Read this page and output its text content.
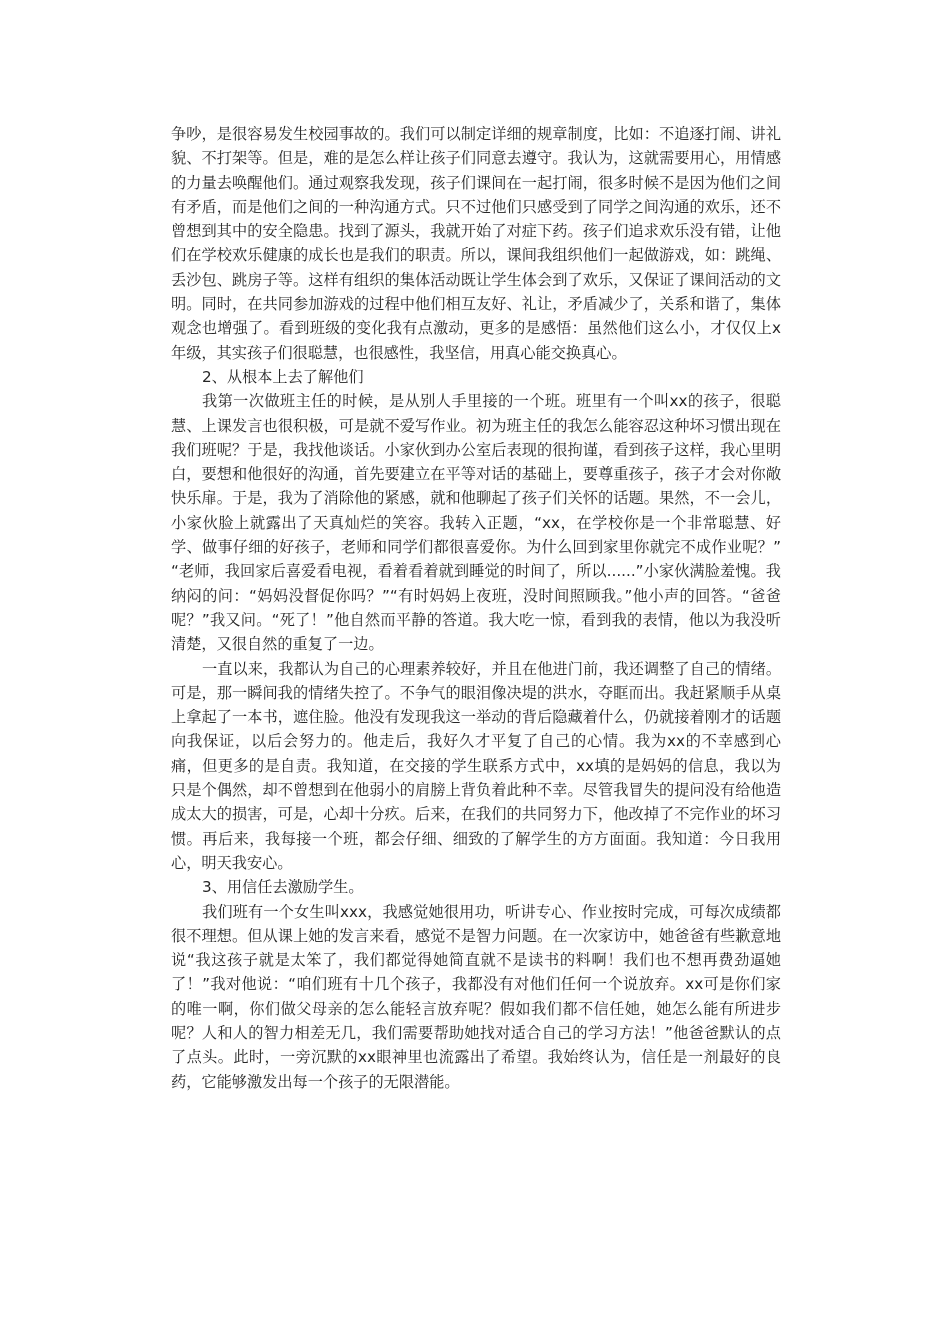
争吵，是很容易发生校园事故的。我们可以制定详细的规章制度，比如：不追逐打闹、讲礼貌、不打架等。但是，难的是怎么样让孩子们同意去遵守。我认为，这就需要用心，用情感的力量去唤醒他们。通过观察我发现，孩子们课间在一起打闹，很多时候不是因为他们之间有矛盾，而是他们之间的一种沟通方式。只不过他们只感受到了同学之间沟通的欢乐，还不曾想到其中的安全隐患。找到了源头，我就开始了对症下药。孩子们追求欢乐没有错，让他们在学校欢乐健康的成长也是我们的职责。所以，课间我组织他们一起做游戏，如：跳绳、丢沙包、跳房子等。这样有组织的集体活动既让学生体会到了欢乐，又保证了课间活动的文明。同时，在共同参加游戏的过程中他们相互友好、礼让，矛盾减少了，关系和谐了，集体观念也增强了。看到班级的变化我有点激动，更多的是感悟：虽然他们这么小，才仅仅上x年级，其实孩子们很聪慧，也很感性，我坚信，用真心能交换真心。

2、从根本上去了解他们

我第一次做班主任的时候，是从别人手里接的一个班。班里有一个叫xx的孩子，很聪慧、上课发言也很积极，可是就不爱写作业。初为班主任的我怎么能容忍这种坏习惯出现在我们班呢？于是，我找他谈话。小家伙到办公室后表现的很拘谨，看到孩子这样，我心里明白，要想和他很好的沟通，首先要建立在平等对话的基础上，要尊重孩子，孩子才会对你敞快乐扉。于是，我为了消除他的紧感，就和他聊起了孩子们关怀的话题。果然，不一会儿，小家伙脸上就露出了天真灿烂的笑容。我转入正题，“xx，在学校你是一个非常聪慧、好学、做事仔细的好孩子，老师和同学们都很喜爱你。为什么回到家里你就完不成作业呢？” “老师，我回家后喜爱看电视，看着看着就到睡觉的时间了，所以......”小家伙满脸羞愧。我纳闷的问：“妈妈没督促你吗？”“有时妈妈上夜班，没时间照顾我。”他小声的回答。“爸爸呢？”我又问。“死了！”他自然而平静的答道。我大吃一惊，看到我的表情，他以为我没听清楚，又很自然的重复了一边。

一直以来，我都认为自己的心理素养较好，并且在他进门前，我还调整了自己的情绪。可是，那一瞬间我的情绪失控了。不争气的眼泪像决堤的洪水，夺眶而出。我赶紧顺手从桌上拿起了一本书，遮住脸。他没有发现我这一举动的背后隐藏着什么，仍就接着刚才的话题向我保证，以后会努力的。他走后，我好久才平复了自己的心情。我为xx的不幸感到心痛，但更多的是自责。我知道，在交接的学生联系方式中，xx填的是妈妈的信息，我以为只是个偶然，却不曾想到在他弱小的肩膀上背负着此种不幸。尽管我冒失的提问没有给他造成太大的损害，可是，心却十分疚。后来，在我们的共同努力下，他改掉了不完作业的坏习惯。再后来，我每接一个班，都会仔细、细致的了解学生的方方面面。我知道：今日我用心，明天我安心。

3、用信任去激励学生。

我们班有一个女生叫xxx，我感觉她很用功，听讲专心、作业按时完成，可每次成绩都很不理想。但从课上她的发言来看，感觉不是智力问题。在一次家访中，她爸爸有些歉意地说“我这孩子就是太笨了，我们都觉得她简直就不是读书的料啊！我们也不想再费劲逼她了！”我对他说：“咱们班有十几个孩子，我都没有对他们任何一个说放弃。xx可是你们家的唯一啊，你们做父母亲的怎么能轻言放弃呢？假如我们都不信任她，她怎么能有所进步呢？人和人的智力相差无几，我们需要帮助她找对适合自己的学习方法！”他爸爸默认的点了点头。此时，一旁沉默的xx眼神里也流露出了希望。我始终认为，信任是一剂最好的良药，它能够激发出每一个孩子的无限潜能。
